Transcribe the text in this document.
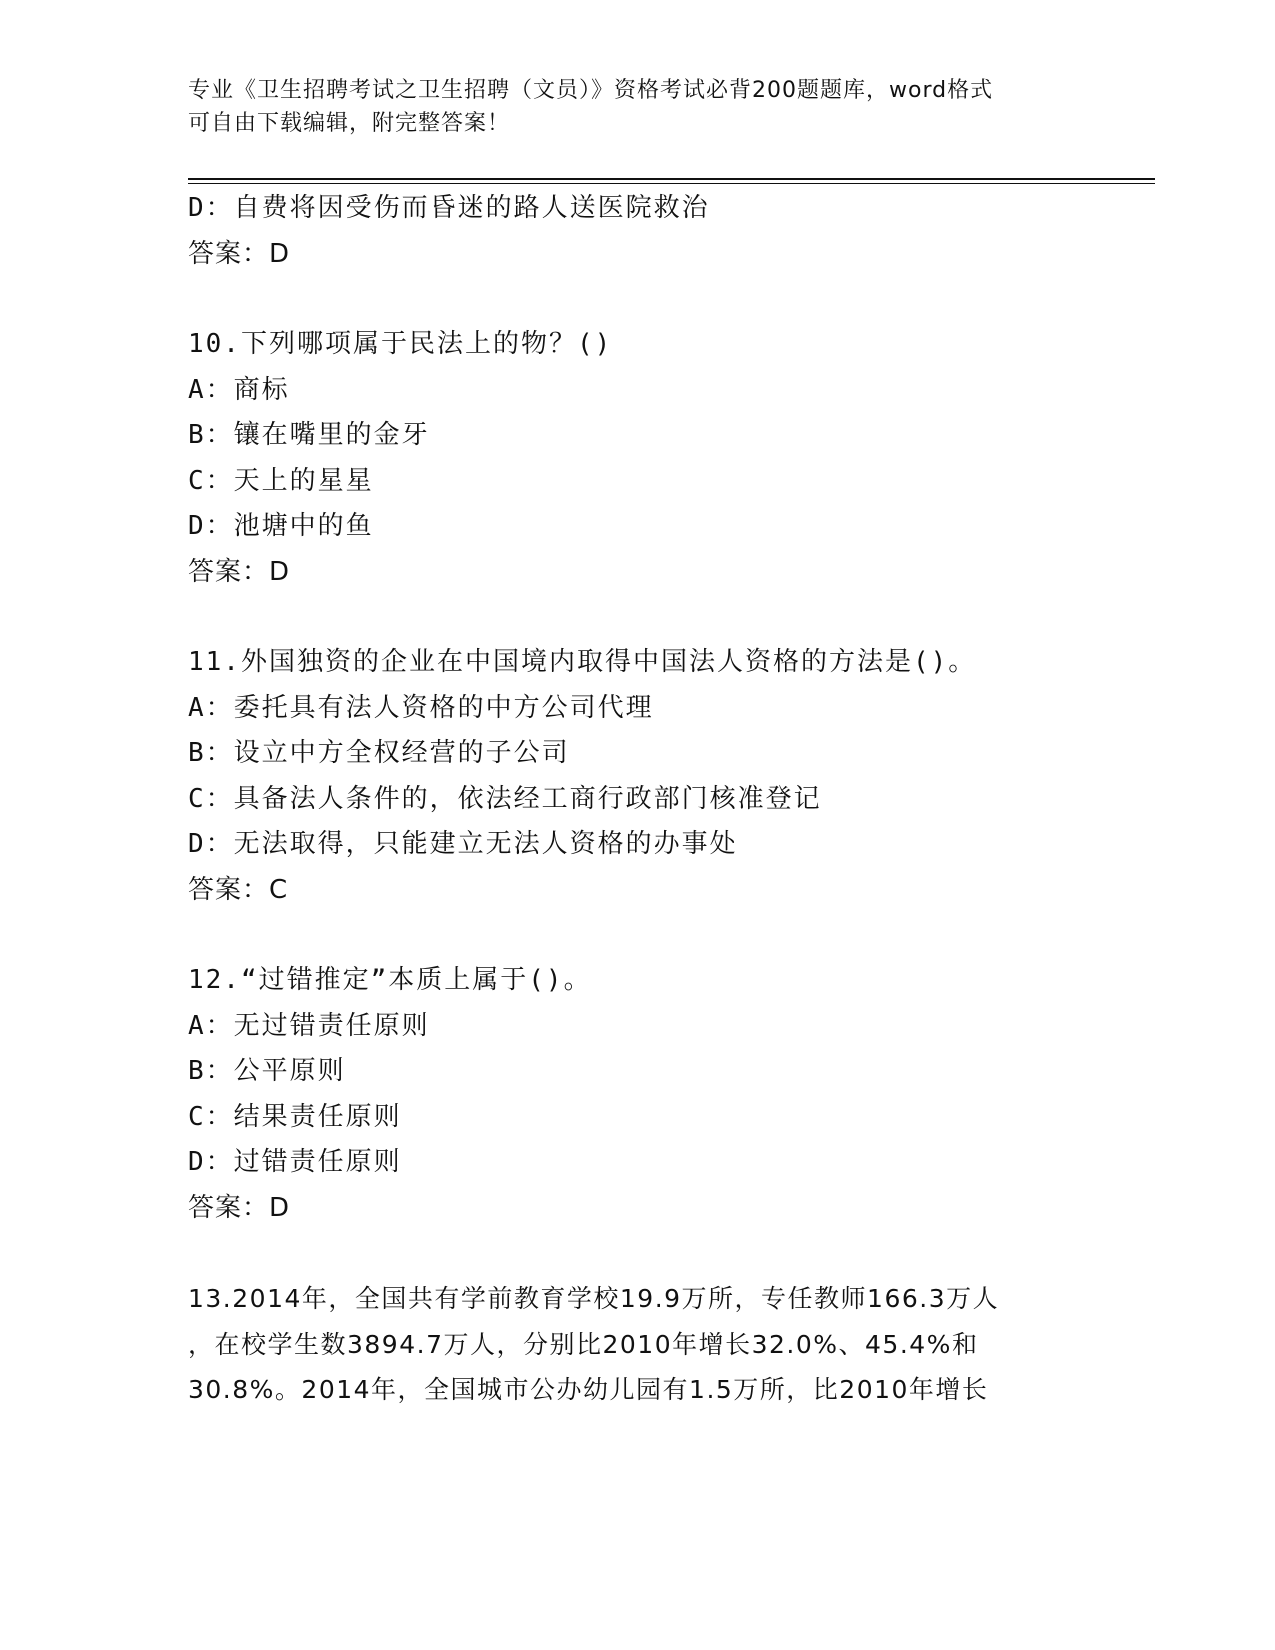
专业《卫生招聘考试之卫生招聘（文员）》资格考试必背200题题库，word格式
可自由下载编辑，附完整答案！
D：自费将因受伤而昏迷的路人送医院救治
答案：D
10.下列哪项属于民法上的物？()
A：商标
B：镶在嘴里的金牙
C：天上的星星
D：池塘中的鱼
答案：D
11.外国独资的企业在中国境内取得中国法人资格的方法是()。
A：委托具有法人资格的中方公司代理
B：设立中方全权经营的子公司
C：具备法人条件的，依法经工商行政部门核准登记
D：无法取得，只能建立无法人资格的办事处
答案：C
12.“过错推定”本质上属于()。
A：无过错责任原则
B：公平原则
C：结果责任原则
D：过错责任原则
答案：D
13.2014年，全国共有学前教育学校19.9万所，专任教师166.3万人
，在校学生数3894.7万人，分别比2010年增长32.0%、45.4%和
30.8%。2014年，全国城市公办幼儿园有1.5万所，比2010年增长
